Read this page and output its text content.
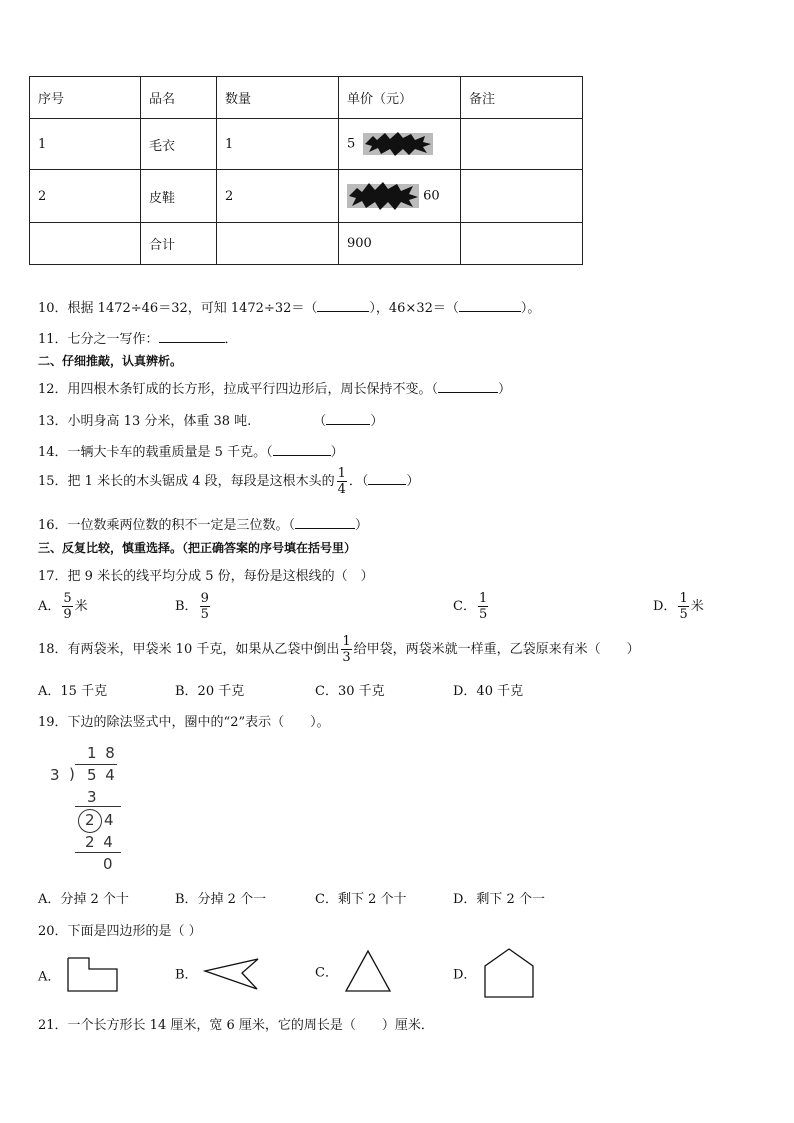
序号	品名	数量	单价（元）	备注
1	毛衣	1	5	
2	皮鞋	2	60	
	合计		900	
10．根据 1472÷46＝32，可知 1472÷32＝（	），46×32＝（	）。
11．七分之一写作：	．
二、仔细推敲，认真辨析。
12．用四根木条钉成的长方形，拉成平行四边形后，周长保持不变。（	）
13．小明身高 13 分米，体重 38 吨.	（	）
14．一辆大卡车的载重质量是 5 千克。（	）
15．把 1 米长的木头锯成 4 段，每段是这根木头的 $\frac{1}{4}$ ．（	）
16．一位数乘两位数的积不一定是三位数。（	）
三、反复比较，慎重选择。（把正确答案的序号填在括号里）
17．把 9 米长的线平均分成 5 份，每份是这根线的（　）
A． $\frac{5}{9}$ 米	B． $\frac{9}{5}$	C． $\frac{1}{5}$	D． $\frac{1}{5}$ 米
18．有两袋米，甲袋米 10 千克，如果从乙袋中倒出 $\frac{1}{3}$ 给甲袋，两袋米就一样重，乙袋原来有米（　　）
A．15 千克	B．20 千克	C．30 千克	D．40 千克
19．下边的除法竖式中，圈中的“2”表示（　　）。
1 8
3 ) 5 4
3
2 4
2 4
0
A．分掉 2 个十	B．分掉 2 个一	C．剩下 2 个十	D．剩下 2 个一
20．下面是四边形的是（ ）
A．	B．	C．	D．
21．一个长方形长 14 厘米，宽 6 厘米，它的周长是（　　）厘米．
